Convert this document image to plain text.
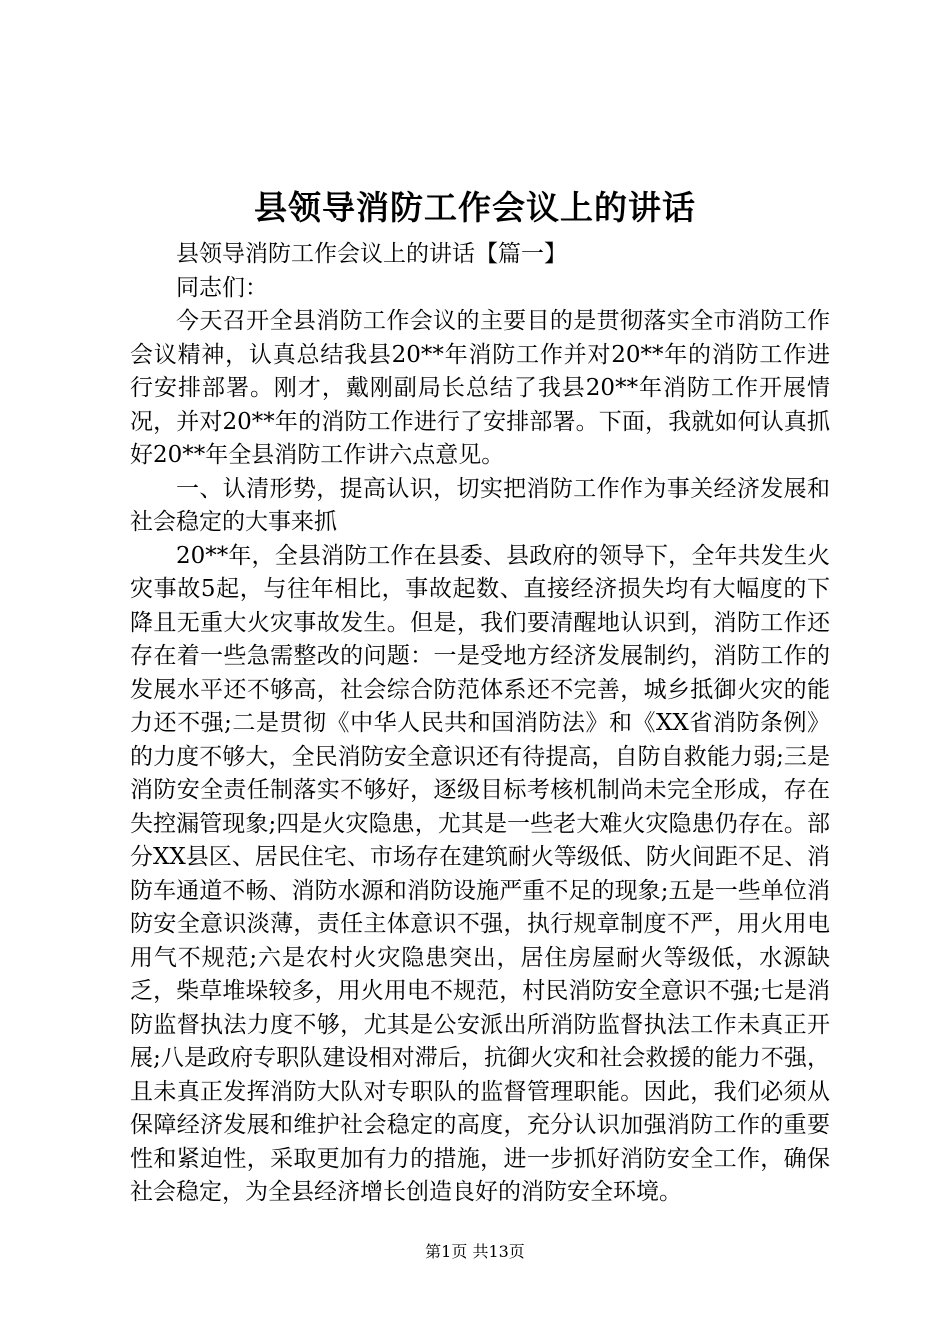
县领导消防工作会议上的讲话

县领导消防工作会议上的讲话【篇一】

同志们：

今天召开全县消防工作会议的主要目的是贯彻落实全市消防工作会议精神，认真总结我县20**年消防工作并对20**年的消防工作进行安排部署。刚才，戴刚副局长总结了我县20**年消防工作开展情况，并对20**年的消防工作进行了安排部署。下面，我就如何认真抓好20**年全县消防工作讲六点意见。

一、认清形势，提高认识，切实把消防工作作为事关经济发展和社会稳定的大事来抓

20**年，全县消防工作在县委、县政府的领导下，全年共发生火灾事故5起，与往年相比，事故起数、直接经济损失均有大幅度的下降且无重大火灾事故发生。但是，我们要清醒地认识到，消防工作还存在着一些急需整改的问题：一是受地方经济发展制约，消防工作的发展水平还不够高，社会综合防范体系还不完善，城乡抵御火灾的能力还不强;二是贯彻《中华人民共和国消防法》和《XX省消防条例》的力度不够大，全民消防安全意识还有待提高，自防自救能力弱;三是消防安全责任制落实不够好，逐级目标考核机制尚未完全形成，存在失控漏管现象;四是火灾隐患，尤其是一些老大难火灾隐患仍存在。部分XX县区、居民住宅、市场存在建筑耐火等级低、防火间距不足、消防车通道不畅、消防水源和消防设施严重不足的现象;五是一些单位消防安全意识淡薄，责任主体意识不强，执行规章制度不严，用火用电用气不规范;六是农村火灾隐患突出，居住房屋耐火等级低，水源缺乏，柴草堆垛较多，用火用电不规范，村民消防安全意识不强;七是消防监督执法力度不够，尤其是公安派出所消防监督执法工作未真正开展;八是政府专职队建设相对滞后，抗御火灾和社会救援的能力不强，且未真正发挥消防大队对专职队的监督管理职能。因此，我们必须从保障经济发展和维护社会稳定的高度，充分认识加强消防工作的重要性和紧迫性，采取更加有力的措施，进一步抓好消防安全工作，确保社会稳定，为全县经济增长创造良好的消防安全环境。

第1页 共13页
